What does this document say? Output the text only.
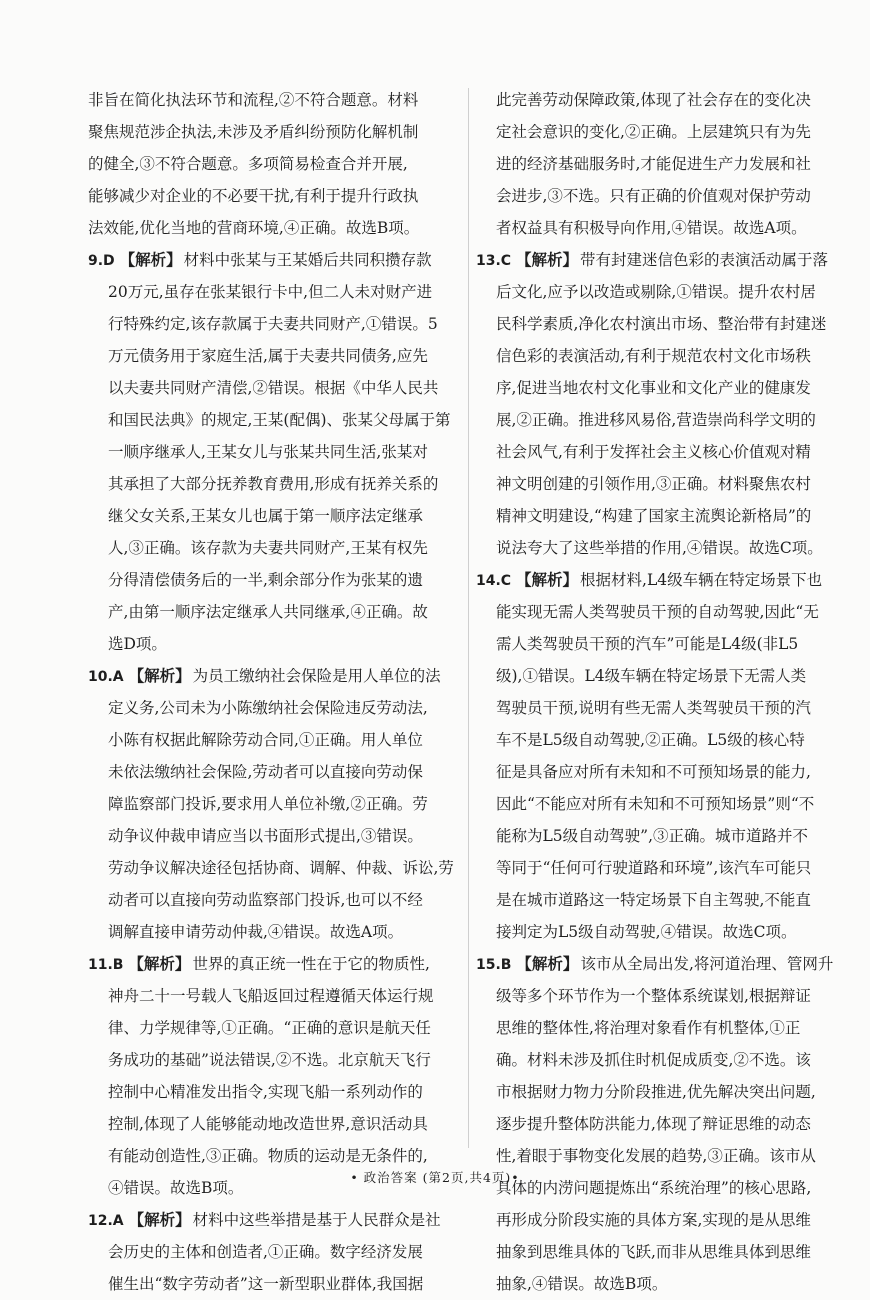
非旨在简化执法环节和流程,②不符合题意。材料
聚焦规范涉企执法,未涉及矛盾纠纷预防化解机制
的健全,③不符合题意。多项简易检查合并开展,
能够减少对企业的不必要干扰,有利于提升行政执
法效能,优化当地的营商环境,④正确。故选B项。
9.D 【解析】 材料中张某与王某婚后共同积攒存款
20万元,虽存在张某银行卡中,但二人未对财产进
行特殊约定,该存款属于夫妻共同财产,①错误。5
万元债务用于家庭生活,属于夫妻共同债务,应先
以夫妻共同财产清偿,②错误。根据《中华人民共
和国民法典》的规定,王某(配偶)、张某父母属于第
一顺序继承人,王某女儿与张某共同生活,张某对
其承担了大部分抚养教育费用,形成有抚养关系的
继父女关系,王某女儿也属于第一顺序法定继承
人,③正确。该存款为夫妻共同财产,王某有权先
分得清偿债务后的一半,剩余部分作为张某的遗
产,由第一顺序法定继承人共同继承,④正确。故
选D项。
10.A 【解析】 为员工缴纳社会保险是用人单位的法
定义务,公司未为小陈缴纳社会保险违反劳动法,
小陈有权据此解除劳动合同,①正确。用人单位
未依法缴纳社会保险,劳动者可以直接向劳动保
障监察部门投诉,要求用人单位补缴,②正确。劳
动争议仲裁申请应当以书面形式提出,③错误。
劳动争议解决途径包括协商、调解、仲裁、诉讼,劳
动者可以直接向劳动监察部门投诉,也可以不经
调解直接申请劳动仲裁,④错误。故选A项。
11.B 【解析】 世界的真正统一性在于它的物质性,
神舟二十一号载人飞船返回过程遵循天体运行规
律、力学规律等,①正确。“正确的意识是航天任
务成功的基础”说法错误,②不选。北京航天飞行
控制中心精准发出指令,实现飞船一系列动作的
控制,体现了人能够能动地改造世界,意识活动具
有能动创造性,③正确。物质的运动是无条件的,
④错误。故选B项。
12.A 【解析】 材料中这些举措是基于人民群众是社
会历史的主体和创造者,①正确。数字经济发展
催生出“数字劳动者”这一新型职业群体,我国据
此完善劳动保障政策,体现了社会存在的变化决
定社会意识的变化,②正确。上层建筑只有为先
进的经济基础服务时,才能促进生产力发展和社
会进步,③不选。只有正确的价值观对保护劳动
者权益具有积极导向作用,④错误。故选A项。
13.C 【解析】 带有封建迷信色彩的表演活动属于落
后文化,应予以改造或剔除,①错误。提升农村居
民科学素质,净化农村演出市场、整治带有封建迷
信色彩的表演活动,有利于规范农村文化市场秩
序,促进当地农村文化事业和文化产业的健康发
展,②正确。推进移风易俗,营造崇尚科学文明的
社会风气,有利于发挥社会主义核心价值观对精
神文明创建的引领作用,③正确。材料聚焦农村
精神文明建设,“构建了国家主流舆论新格局”的
说法夸大了这些举措的作用,④错误。故选C项。
14.C 【解析】 根据材料,L4级车辆在特定场景下也
能实现无需人类驾驶员干预的自动驾驶,因此“无
需人类驾驶员干预的汽车”可能是L4级(非L5
级),①错误。L4级车辆在特定场景下无需人类
驾驶员干预,说明有些无需人类驾驶员干预的汽
车不是L5级自动驾驶,②正确。L5级的核心特
征是具备应对所有未知和不可预知场景的能力,
因此“不能应对所有未知和不可预知场景”则“不
能称为L5级自动驾驶”,③正确。城市道路并不
等同于“任何可行驶道路和环境”,该汽车可能只
是在城市道路这一特定场景下自主驾驶,不能直
接判定为L5级自动驾驶,④错误。故选C项。
15.B 【解析】 该市从全局出发,将河道治理、管网升
级等多个环节作为一个整体系统谋划,根据辩证
思维的整体性,将治理对象看作有机整体,①正
确。材料未涉及抓住时机促成质变,②不选。该
市根据财力物力分阶段推进,优先解决突出问题,
逐步提升整体防洪能力,体现了辩证思维的动态
性,着眼于事物变化发展的趋势,③正确。该市从
具体的内涝问题提炼出“系统治理”的核心思路,
再形成分阶段实施的具体方案,实现的是从思维
抽象到思维具体的飞跃,而非从思维具体到思维
抽象,④错误。故选B项。
• 政治答案 (第2页,共4页)•
